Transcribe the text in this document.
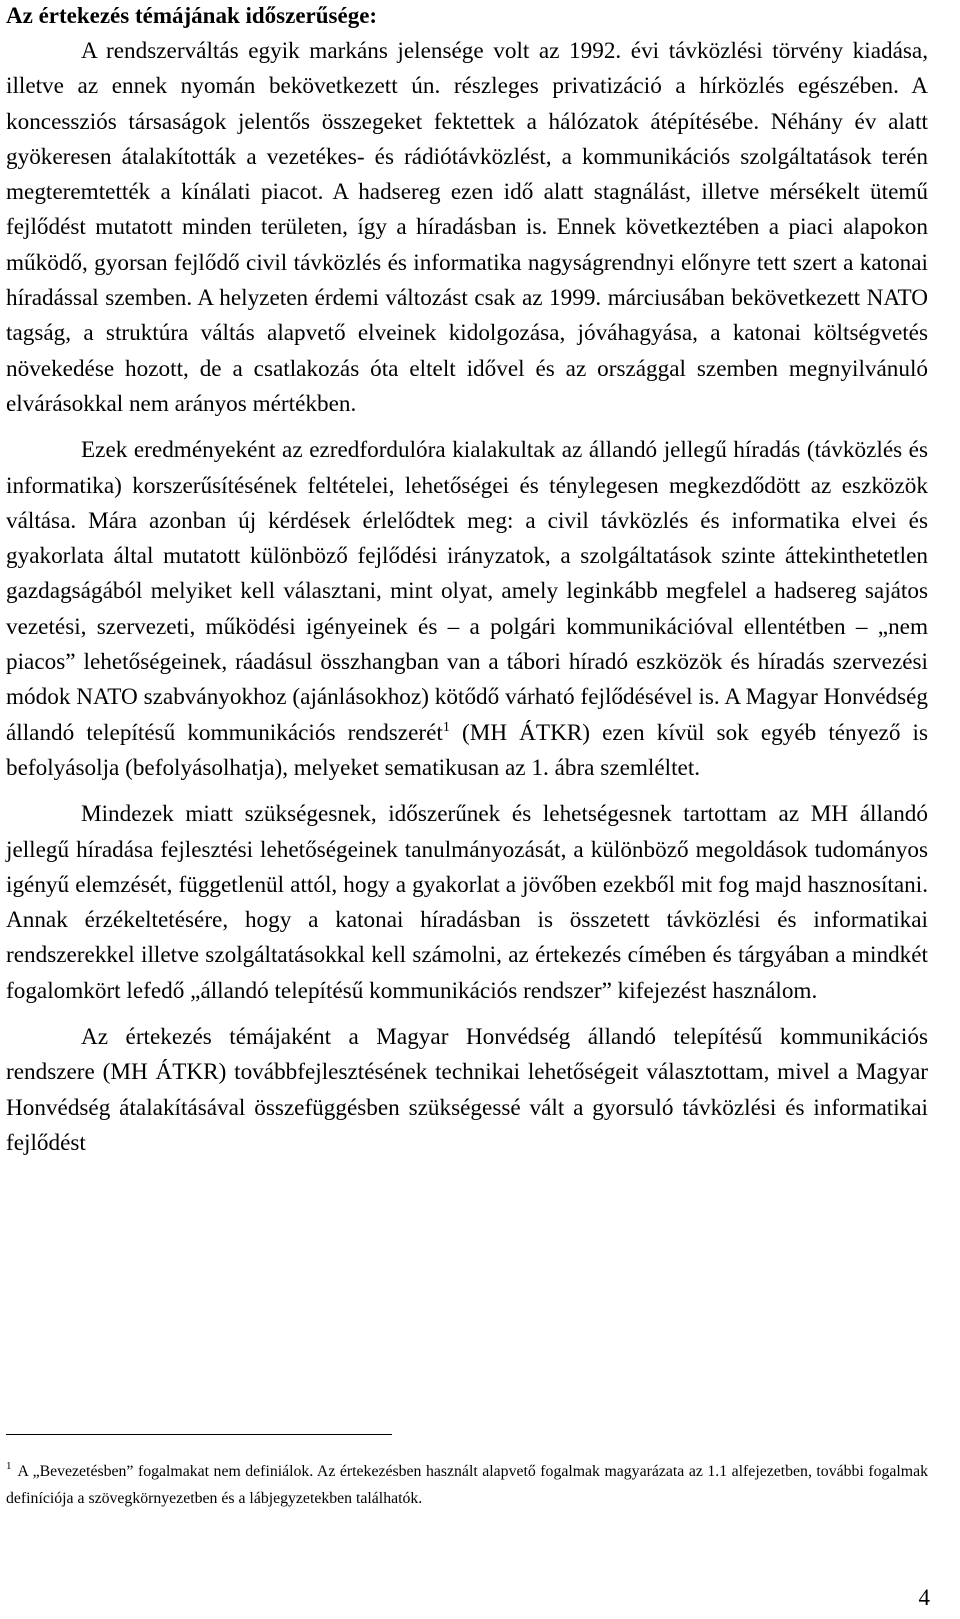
Az értekezés témájának időszerűsége:

A rendszerváltás egyik markáns jelensége volt az 1992. évi távközlési törvény kiadása, illetve az ennek nyomán bekövetkezett ún. részleges privatizáció a hírközlés egészében. A koncessziós társaságok jelentős összegeket fektettek a hálózatok átépítésébe. Néhány év alatt gyökeresen átalakították a vezetékes- és rádiótávközlést, a kommunikációs szolgáltatások terén megteremtették a kínálati piacot. A hadsereg ezen idő alatt stagnálást, illetve mérsékelt ütemű fejlődést mutatott minden területen, így a híradásban is. Ennek következtében a piaci alapokon működő, gyorsan fejlődő civil távközlés és informatika nagyságrendnyi előnyre tett szert a katonai híradással szemben. A helyzeten érdemi változást csak az 1999. márciusában bekövetkezett NATO tagság, a struktúra váltás alapvető elveinek kidolgozása, jóváhagyása, a katonai költségvetés növekedése hozott, de a csatlakozás óta eltelt idővel és az országgal szemben megnyilvánuló elvárásokkal nem arányos mértékben.

Ezek eredményeként az ezredfordulóra kialakultak az állandó jellegű híradás (távközlés és informatika) korszerűsítésének feltételei, lehetőségei és ténylegesen megkezdődött az eszközök váltása. Mára azonban új kérdések érlelődtek meg: a civil távközlés és informatika elvei és gyakorlata által mutatott különböző fejlődési irányzatok, a szolgáltatások szinte áttekinthetetlen gazdagságából melyiket kell választani, mint olyat, amely leginkább megfelel a hadsereg sajátos vezetési, szervezeti, működési igényeinek és – a polgári kommunikációval ellentétben – „nem piacos” lehetőségeinek, ráadásul összhangban van a tábori híradó eszközök és híradás szervezési módok NATO szabványokhoz (ajánlásokhoz) kötődő várható fejlődésével is. A Magyar Honvédség állandó telepítésű kommunikációs rendszerét$^1$ (MH ÁTKR) ezen kívül sok egyéb tényező is befolyásolja (befolyásolhatja), melyeket sematikusan az 1. ábra szemléltet.

Mindezek miatt szükségesnek, időszerűnek és lehetségesnek tartottam az MH állandó jellegű híradása fejlesztési lehetőségeinek tanulmányozását, a különböző megoldások tudományos igényű elemzését, függetlenül attól, hogy a gyakorlat a jövőben ezekből mit fog majd hasznosítani. Annak érzékeltetésére, hogy a katonai híradásban is összetett távközlési és informatikai rendszerekkel illetve szolgáltatásokkal kell számolni, az értekezés címében és tárgyában a mindkét fogalomkört lefedő „állandó telepítésű kommunikációs rendszer” kifejezést használom.

Az értekezés témájaként a Magyar Honvédség állandó telepítésű kommunikációs rendszere (MH ÁTKR) továbbfejlesztésének technikai lehetőségeit választottam, mivel a Magyar Honvédség átalakításával összefüggésben szükségessé vált a gyorsuló távközlési és informatikai fejlődést

$^1$ A „Bevezetésben” fogalmakat nem definiálok. Az értekezésben használt alapvető fogalmak magyarázata az 1.1 alfejezetben, további fogalmak definíciója a szövegkörnyezetben és a lábjegyzetekben találhatók.
4
